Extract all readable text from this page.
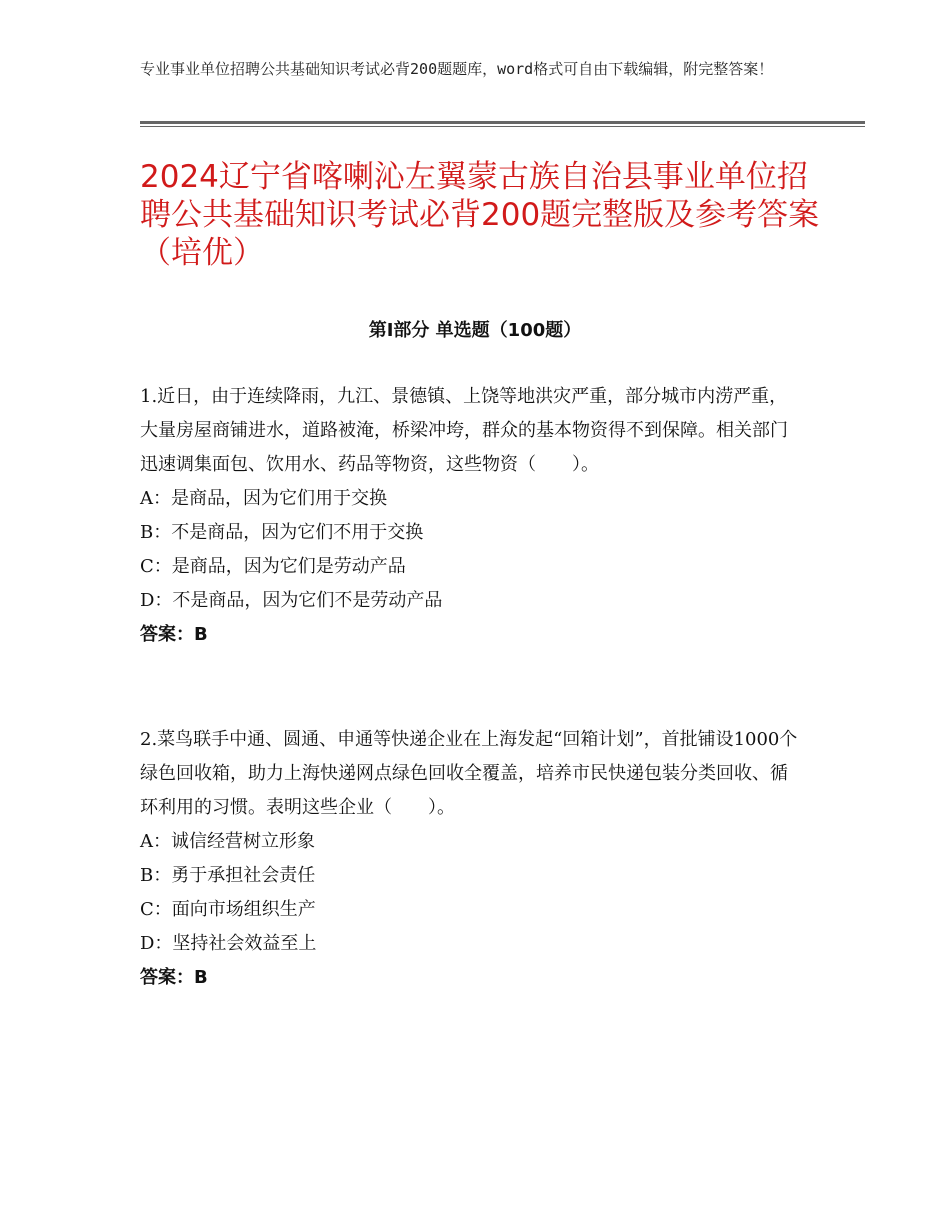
专业事业单位招聘公共基础知识考试必背200题题库，word格式可自由下载编辑，附完整答案！
2024辽宁省喀喇沁左翼蒙古族自治县事业单位招聘公共基础知识考试必背200题完整版及参考答案（培优）
第I部分 单选题（100题）

1.近日，由于连续降雨，九江、景德镇、上饶等地洪灾严重，部分城市内涝严重，大量房屋商铺进水，道路被淹，桥梁冲垮，群众的基本物资得不到保障。相关部门迅速调集面包、饮用水、药品等物资，这些物资（　　）。

A：是商品，因为它们用于交换

B：不是商品，因为它们不用于交换

C：是商品，因为它们是劳动产品

D：不是商品，因为它们不是劳动产品

答案：B

2.菜鸟联手中通、圆通、申通等快递企业在上海发起“回箱计划”，首批铺设1000个绿色回收箱，助力上海快递网点绿色回收全覆盖，培养市民快递包装分类回收、循环利用的习惯。表明这些企业（　　）。

A：诚信经营树立形象

B：勇于承担社会责任

C：面向市场组织生产

D：坚持社会效益至上

答案：B
